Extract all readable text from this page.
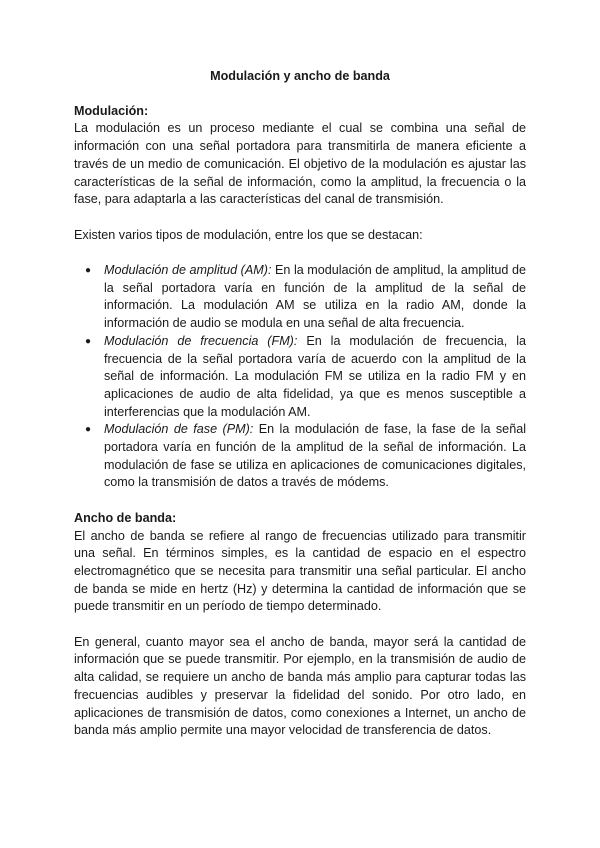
Modulación y ancho de banda
Modulación:

La modulación es un proceso mediante el cual se combina una señal de información con una señal portadora para transmitirla de manera eficiente a través de un medio de comunicación. El objetivo de la modulación es ajustar las características de la señal de información, como la amplitud, la frecuencia o la fase, para adaptarla a las características del canal de transmisión.

Existen varios tipos de modulación, entre los que se destacan:

● Modulación de amplitud (AM): En la modulación de amplitud, la amplitud de la señal portadora varía en función de la amplitud de la señal de información. La modulación AM se utiliza en la radio AM, donde la información de audio se modula en una señal de alta frecuencia.
● Modulación de frecuencia (FM): En la modulación de frecuencia, la frecuencia de la señal portadora varía de acuerdo con la amplitud de la señal de información. La modulación FM se utiliza en la radio FM y en aplicaciones de audio de alta fidelidad, ya que es menos susceptible a interferencias que la modulación AM.
● Modulación de fase (PM): En la modulación de fase, la fase de la señal portadora varía en función de la amplitud de la señal de información. La modulación de fase se utiliza en aplicaciones de comunicaciones digitales, como la transmisión de datos a través de módems.
Ancho de banda:

El ancho de banda se refiere al rango de frecuencias utilizado para transmitir una señal. En términos simples, es la cantidad de espacio en el espectro electromagnético que se necesita para transmitir una señal particular. El ancho de banda se mide en hertz (Hz) y determina la cantidad de información que se puede transmitir en un período de tiempo determinado.

En general, cuanto mayor sea el ancho de banda, mayor será la cantidad de información que se puede transmitir. Por ejemplo, en la transmisión de audio de alta calidad, se requiere un ancho de banda más amplio para capturar todas las frecuencias audibles y preservar la fidelidad del sonido. Por otro lado, en aplicaciones de transmisión de datos, como conexiones a Internet, un ancho de banda más amplio permite una mayor velocidad de transferencia de datos.
